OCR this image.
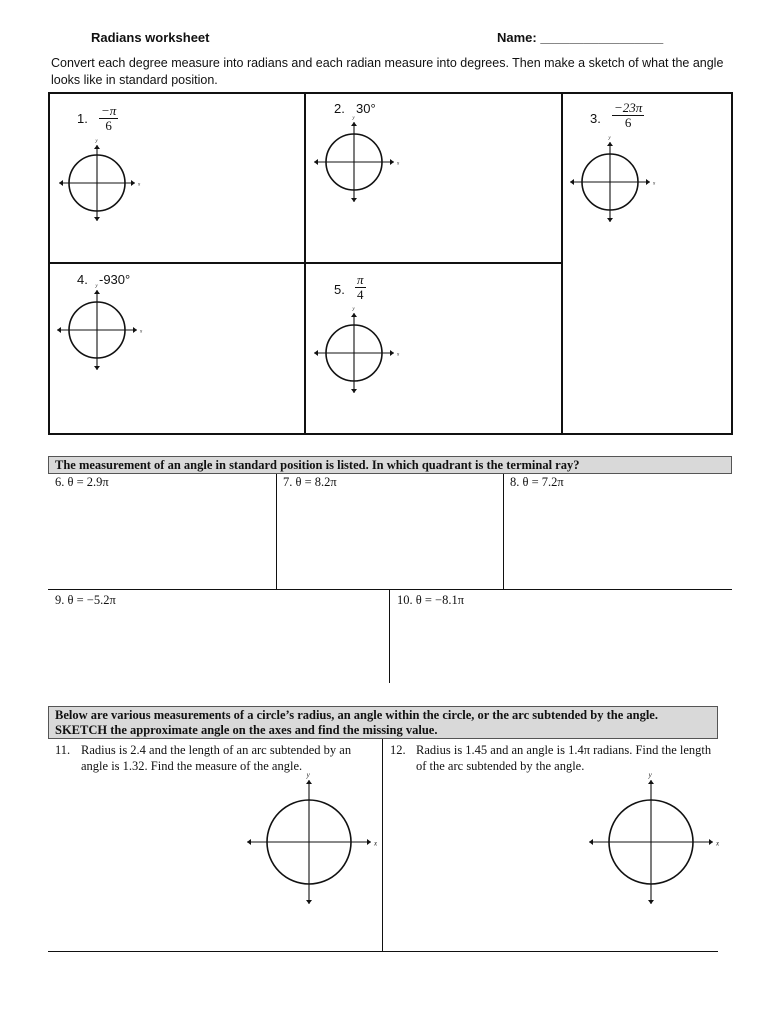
Radians worksheet	Name: _________________
Convert each degree measure into radians and each radian measure into degrees. Then make a sketch of what the angle looks like in standard position.
1. $\frac{-\pi}{6}$
x
y
2. 30°
x
y	3. $\frac{-23\pi}{6}$
x
y
4. -930°
x
y	5. $\frac{\pi}{4}$
x
y
The measurement of an angle in standard position is listed. In which quadrant is the terminal ray?
6. θ = 2.9π	7. θ = 8.2π	8. θ = 7.2π
9. θ = −5.2π	10. θ = −8.1π
Below are various measurements of a circle’s radius, an angle within the circle, or the arc subtended by the angle. SKETCH the approximate angle on the axes and find the missing value.
11. Radius is 2.4 and the length of an arc subtended by an angle is 1.32. Find the measure of the angle.
12. Radius is 1.45 and an angle is 1.4π radians. Find the length of the arc subtended by the angle.
x
y
x
y
